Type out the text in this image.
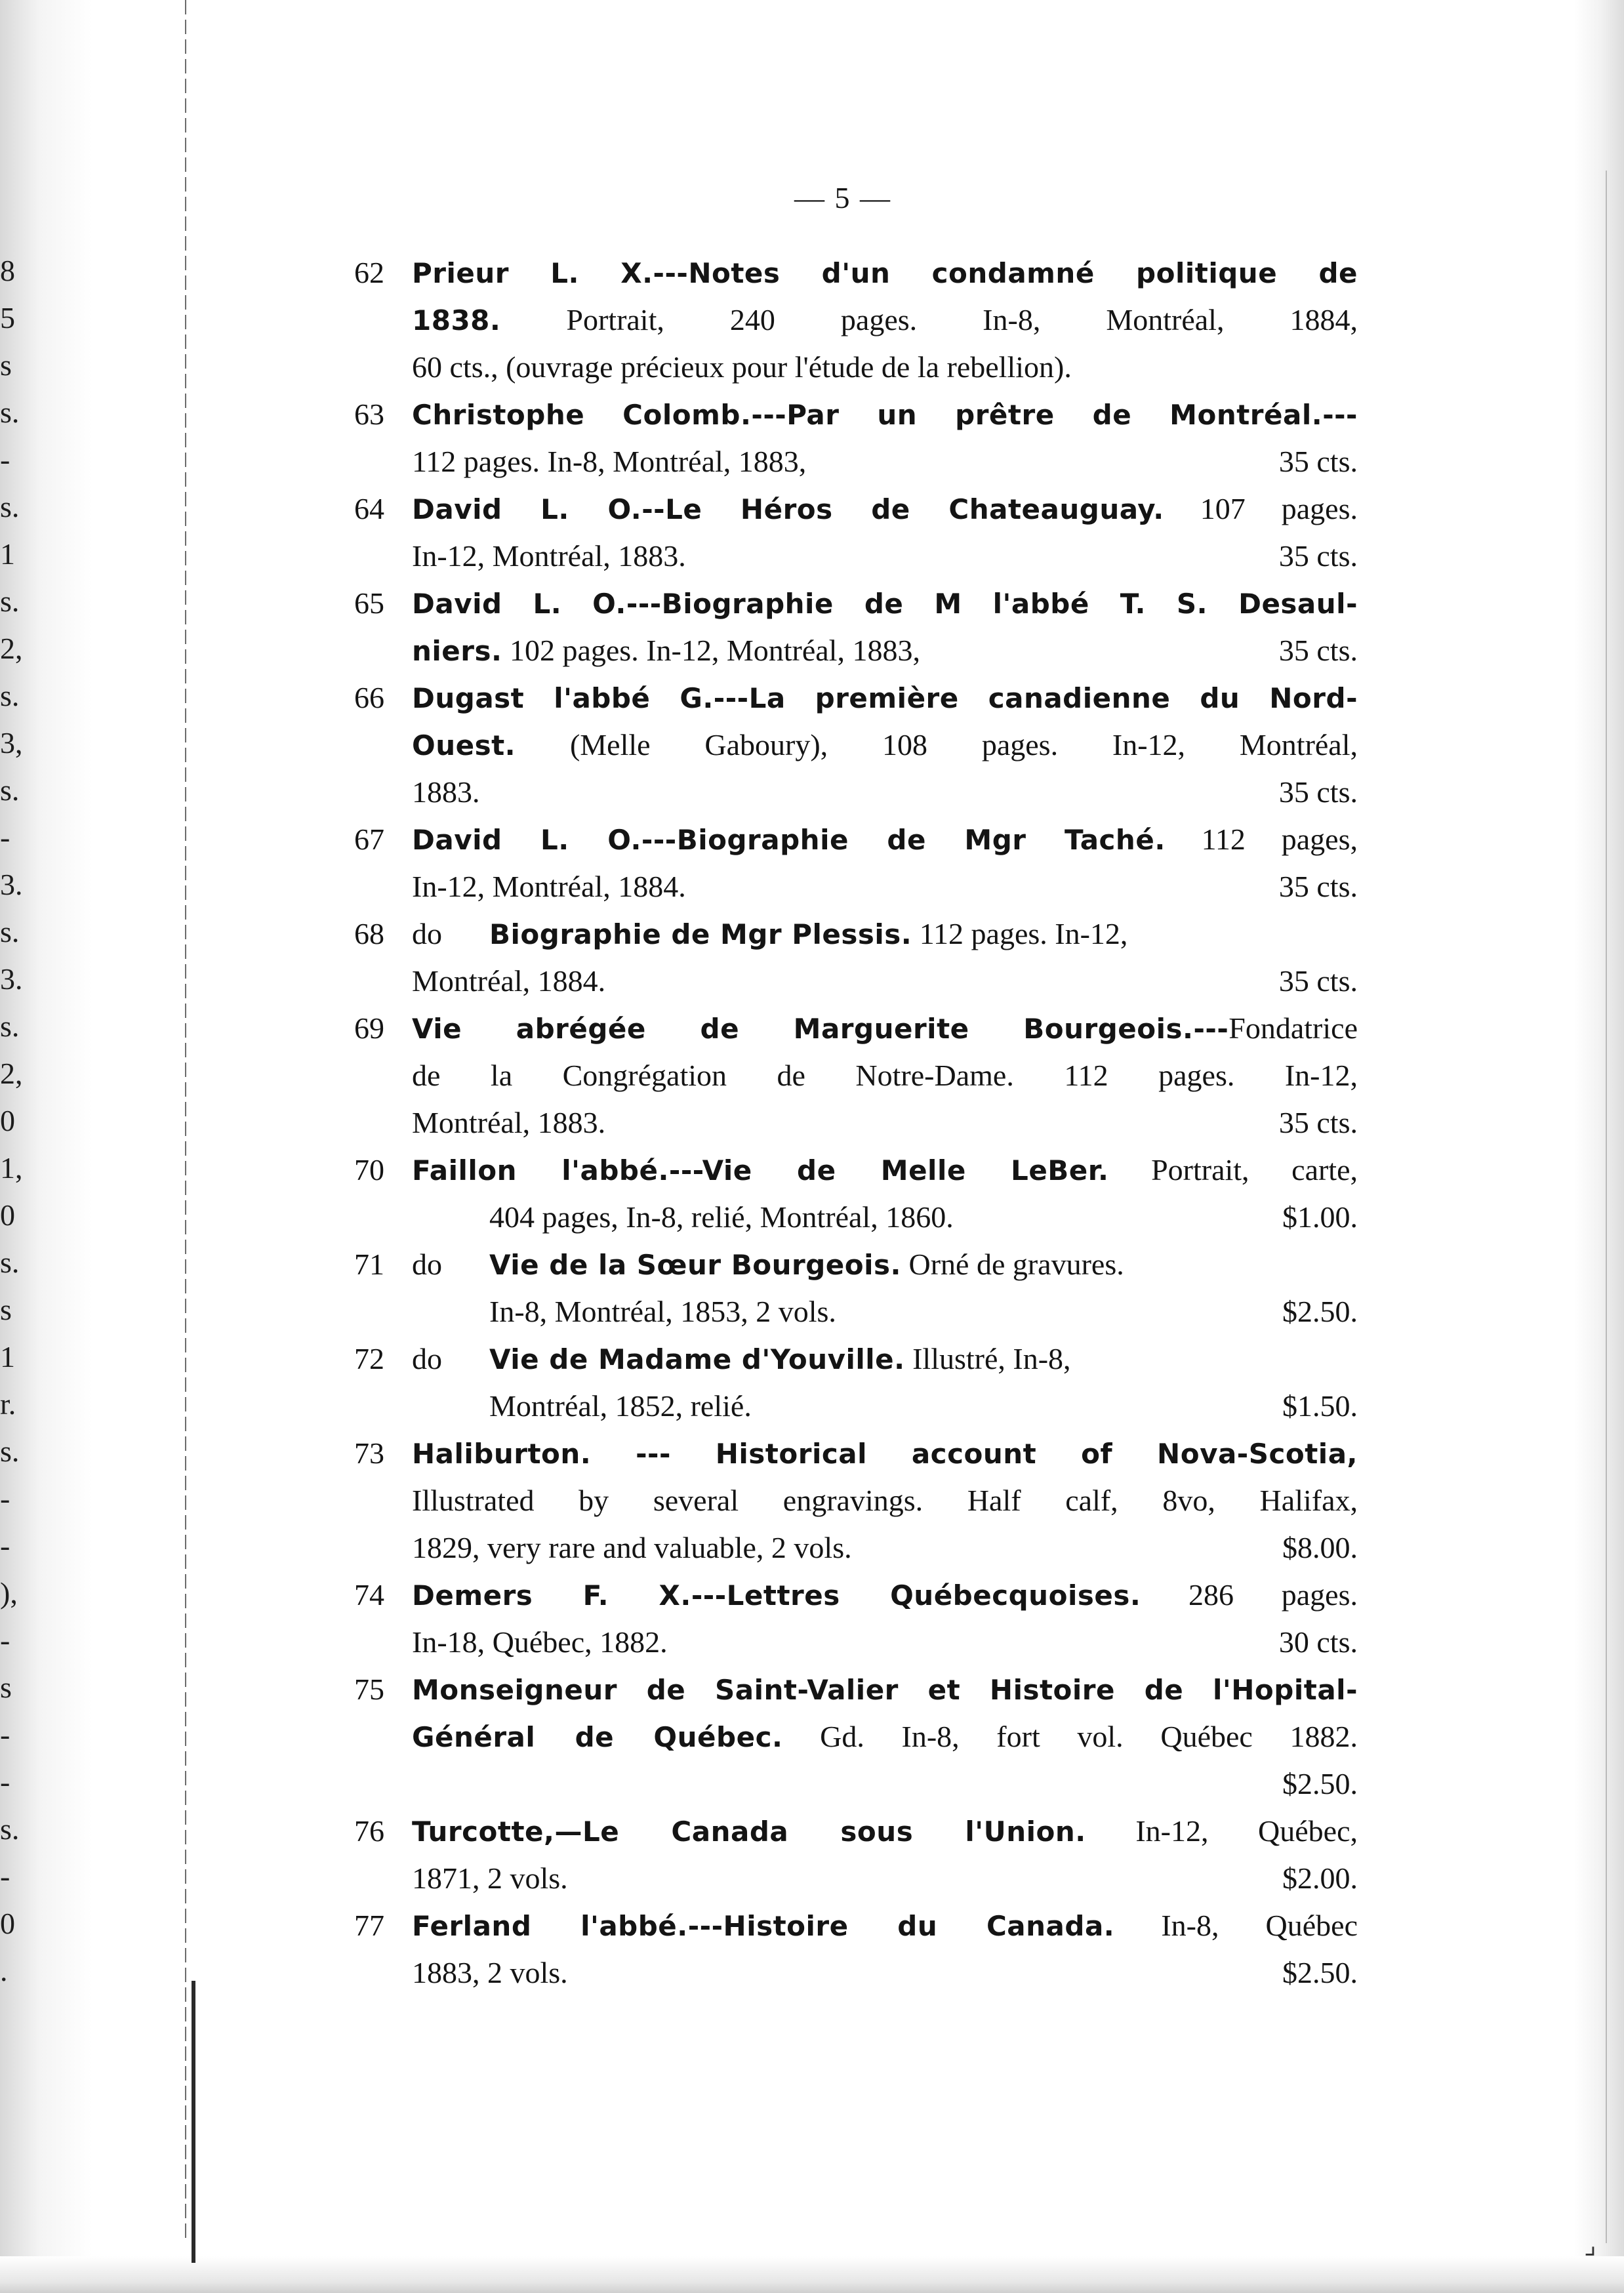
⌟
8
5
s
s.
-
s.
1
s.
2,
s.
3,
s.
-
3.
s.
3.
s.
2,
0
1,
0
s.
s
1
r.
s.
-
-
),
-
s
-
-
s.
-
0
.
— 5 —
62 Prieur L. X.---Notes d'un condamné politique de
1838. Portrait, 240 pages. In-8, Montréal, 1884,
60 cts., (ouvrage précieux pour l'étude de la rebellion).
63 Christophe Colomb.---Par un prêtre de Montréal.---
112 pages. In-8, Montréal, 1883,	35 cts.
64 David L. O.--Le Héros de Chateauguay. 107 pages.
In-12, Montréal, 1883.	35 cts.
65 David L. O.---Biographie de M l'abbé T. S. Desaul-
niers. 102 pages. In-12, Montréal, 1883,	35 cts.
66 Dugast l'abbé G.---La première canadienne du Nord-
Ouest. (Melle Gaboury), 108 pages. In-12, Montréal,
1883.	35 cts.
67 David L. O.---Biographie de Mgr Taché. 112 pages,
In-12, Montréal, 1884.	35 cts.
68 do Biographie de Mgr Plessis. 112 pages. In-12,
Montréal, 1884.	35 cts.
69 Vie abrégée de Marguerite Bourgeois.---Fondatrice
de la Congrégation de Notre-Dame. 112 pages. In-12,
Montréal, 1883.	35 cts.
70 Faillon l'abbé.---Vie de Melle LeBer. Portrait, carte,
404 pages, In-8, relié, Montréal, 1860.	$1.00.
71 do Vie de la Sœur Bourgeois. Orné de gravures.
In-8, Montréal, 1853, 2 vols.	$2.50.
72 do Vie de Madame d'Youville. Illustré, In-8,
Montréal, 1852, relié.	$1.50.
73 Haliburton. --- Historical account of Nova-Scotia,
Illustrated by several engravings. Half calf, 8vo, Halifax,
1829, very rare and valuable, 2 vols.	$8.00.
74 Demers F. X.---Lettres Québecquoises. 286 pages.
In-18, Québec, 1882.	30 cts.
75 Monseigneur de Saint-Valier et Histoire de l'Hopital-
Général de Québec. Gd. In-8, fort vol. Québec 1882.
$2.50.
76 Turcotte,—Le Canada sous l'Union. In-12, Québec,
1871, 2 vols.	$2.00.
77 Ferland l'abbé.---Histoire du Canada. In-8, Québec
1883, 2 vols.	$2.50.
